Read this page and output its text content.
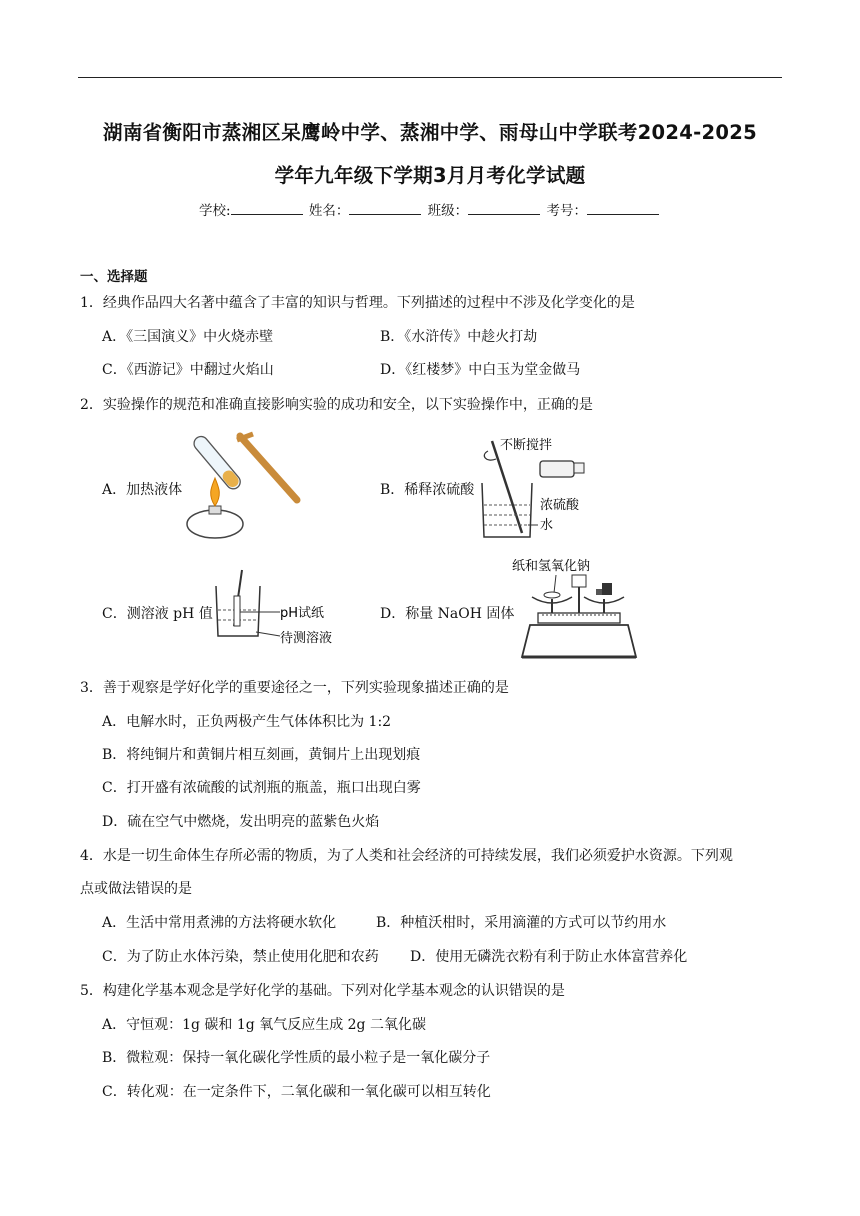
湖南省衡阳市蒸湘区呆鹰岭中学、蒸湘中学、雨母山中学联考2024-2025
学年九年级下学期3月月考化学试题
学校:	姓名：	班级：	考号：
一、选择题
1．经典作品四大名著中蕴含了丰富的知识与哲理。下列描述的过程中不涉及化学变化的是
A．《三国演义》中火烧赤壁	B．《水浒传》中趁火打劫
C．《西游记》中翻过火焰山	D．《红楼梦》中白玉为堂金做马
2．实验操作的规范和准确直接影响实验的成功和安全，以下实验操作中，正确的是
A．加热液体	B．稀释浓硫酸
C．测溶液 pH 值	D．称量 NaOH 固体
不断搅拌
浓硫酸
水
pH试纸
待测溶液
纸和氢氧化钠
3．善于观察是学好化学的重要途径之一，下列实验现象描述正确的是
A．电解水时，正负两极产生气体体积比为 1:2
B．将纯铜片和黄铜片相互刻画，黄铜片上出现划痕
C．打开盛有浓硫酸的试剂瓶的瓶盖，瓶口出现白雾
D．硫在空气中燃烧，发出明亮的蓝紫色火焰
4．水是一切生命体生存所必需的物质，为了人类和社会经济的可持续发展，我们必须爱护水资源。下列观
点或做法错误的是
A．生活中常用煮沸的方法将硬水软化	B．种植沃柑时，采用滴灌的方式可以节约用水
C．为了防止水体污染，禁止使用化肥和农药 D．使用无磷洗衣粉有利于防止水体富营养化
5．构建化学基本观念是学好化学的基础。下列对化学基本观念的认识错误的是
A．守恒观：1g 碳和 1g 氧气反应生成 2g 二氧化碳
B．微粒观：保持一氧化碳化学性质的最小粒子是一氧化碳分子
C．转化观：在一定条件下，二氧化碳和一氧化碳可以相互转化
